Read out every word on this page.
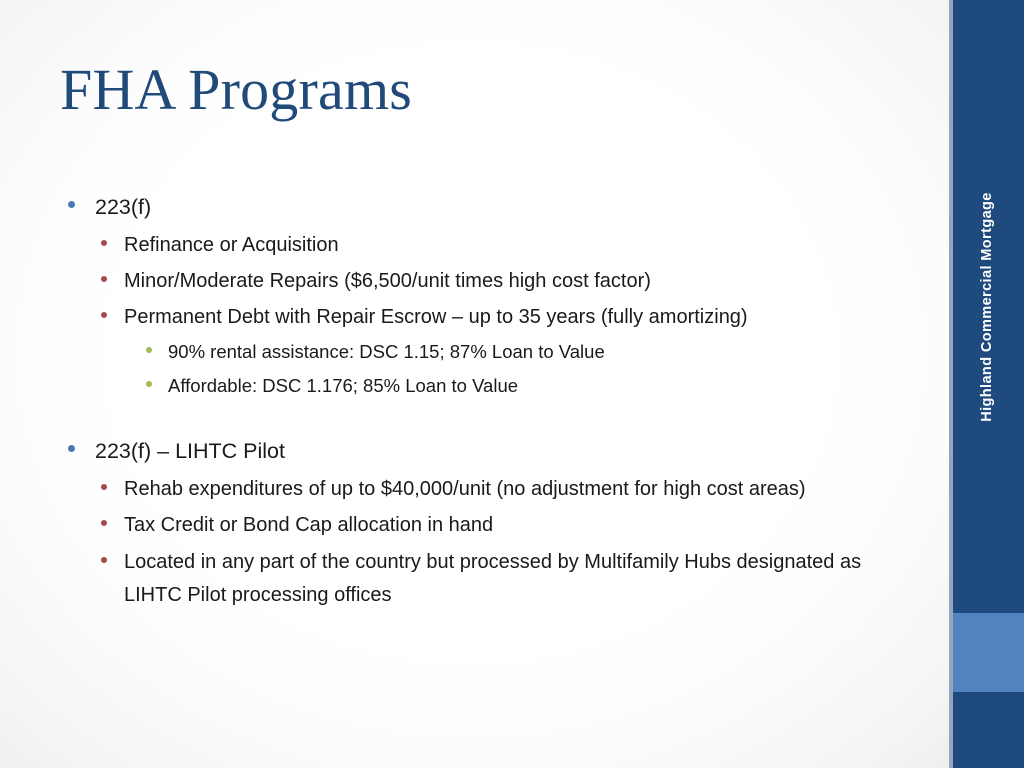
FHA Programs
223(f)
Refinance or Acquisition
Minor/Moderate Repairs ($6,500/unit times high cost factor)
Permanent Debt with Repair Escrow – up to 35 years (fully amortizing)
90% rental assistance: DSC 1.15; 87% Loan to Value
Affordable: DSC 1.176; 85% Loan to Value
223(f) – LIHTC Pilot
Rehab expenditures of up to $40,000/unit (no adjustment for high cost areas)
Tax Credit or Bond Cap allocation in hand
Located in any part of the country but processed by Multifamily Hubs designated as LIHTC Pilot processing offices
Highland Commercial Mortgage
